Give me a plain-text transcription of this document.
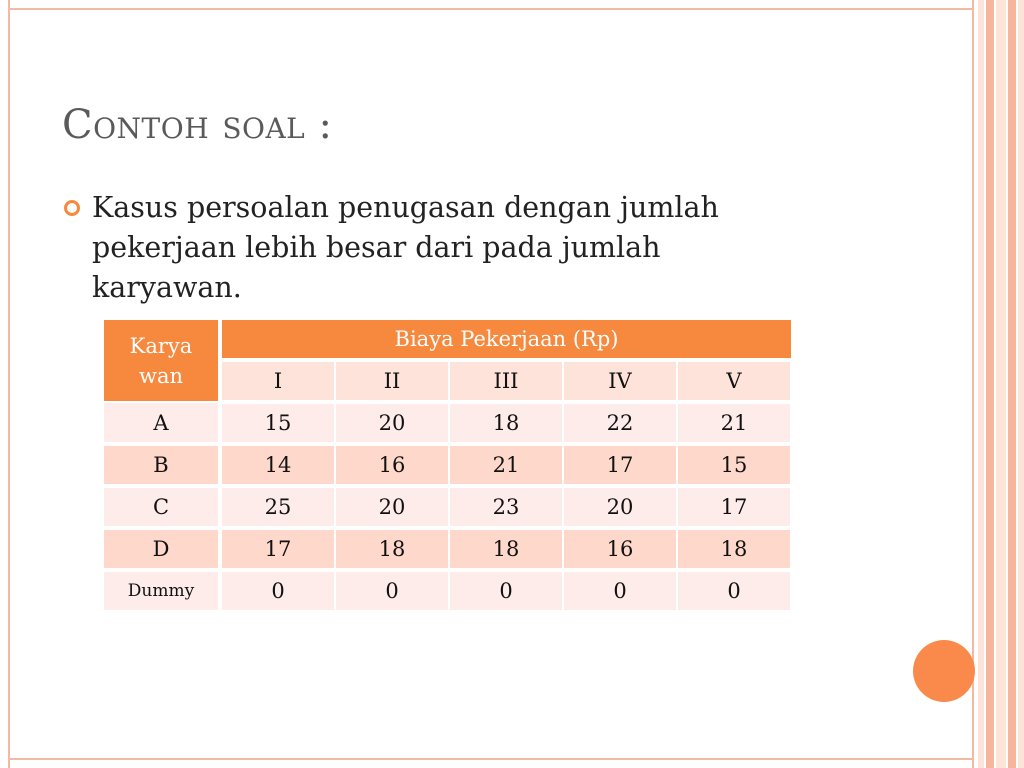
Contoh soal :
Kasus persoalan penugasan dengan jumlah pekerjaan lebih besar dari pada jumlah karyawan.
Karya
wan	Biaya Pekerjaan (Rp)				
	I	II	III	IV	V
A	15	20	18	22	21
B	14	16	21	17	15
C	25	20	23	20	17
D	17	18	18	16	18
Dummy	0	0	0	0	0
